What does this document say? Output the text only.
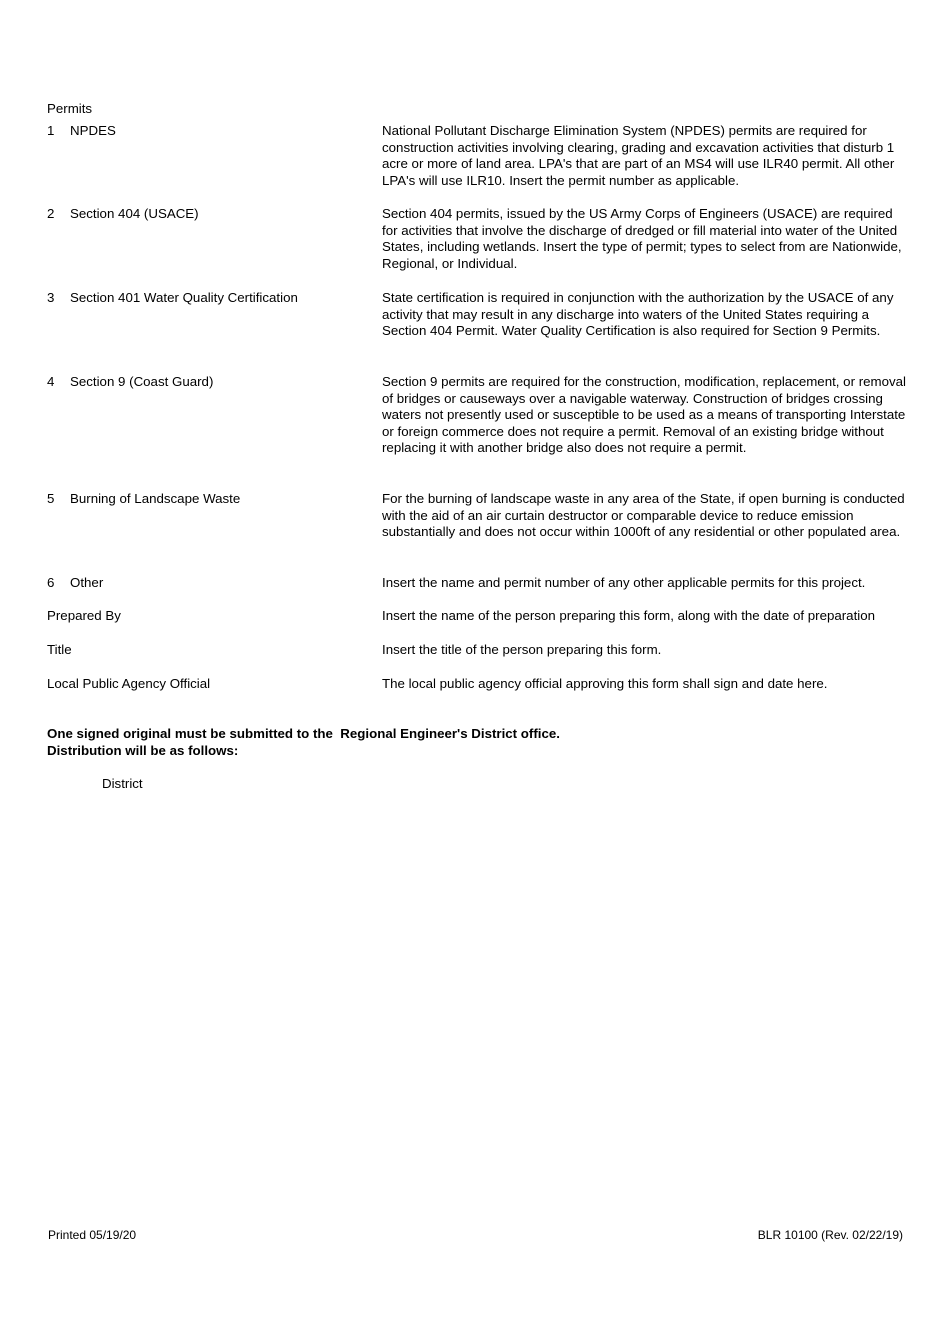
Permits
1 NPDES	National Pollutant Discharge Elimination System (NPDES) permits are required for construction activities involving clearing, grading and excavation activities that disturb 1 acre or more of land area. LPA's that are part of an MS4 will use ILR40 permit. All other LPA's will use ILR10. Insert the permit number as applicable.
2 Section 404 (USACE)	Section 404 permits, issued by the US Army Corps of Engineers (USACE) are required for activities that involve the discharge of dredged or fill material into water of the United States, including wetlands. Insert the type of permit; types to select from are Nationwide, Regional, or Individual.
3 Section 401 Water Quality Certification	State certification is required in conjunction with the authorization by the USACE of any activity that may result in any discharge into waters of the United States requiring a Section 404 Permit. Water Quality Certification is also required for Section 9 Permits.
4 Section 9 (Coast Guard)	Section 9 permits are required for the construction, modification, replacement, or removal of bridges or causeways over a navigable waterway. Construction of bridges crossing waters not presently used or susceptible to be used as a means of transporting Interstate or foreign commerce does not require a permit. Removal of an existing bridge without replacing it with another bridge also does not require a permit.
5 Burning of Landscape Waste	For the burning of landscape waste in any area of the State, if open burning is conducted with the aid of an air curtain destructor or comparable device to reduce emission substantially and does not occur within 1000ft of any residential or other populated area.
6 Other	Insert the name and permit number of any other applicable permits for this project.
Prepared By	Insert the name of the person preparing this form, along with the date of preparation
Title	Insert the title of the person preparing this form.
Local Public Agency Official	The local public agency official approving this form shall sign and date here.
One signed original must be submitted to the  Regional Engineer's District office.
Distribution will be as follows:
District
Printed 05/19/20	BLR 10100 (Rev. 02/22/19)
